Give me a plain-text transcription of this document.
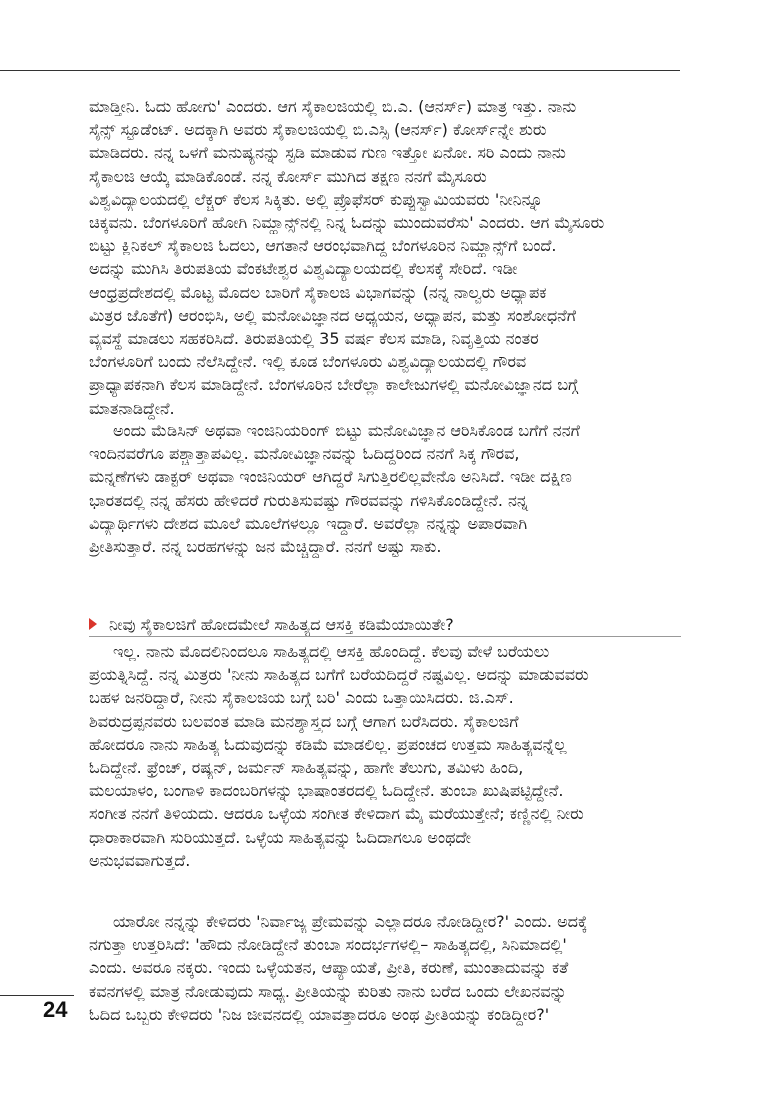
ಮಾಡ್ತೀನಿ. ಓದು ಹೋಗು' ಎಂದರು. ಆಗ ಸೈಕಾಲಜಿಯಲ್ಲಿ ಬಿ.ಎ. (ಆನರ್ಸ್) ಮಾತ್ರ ಇತ್ತು. ನಾನು
ಸೈನ್ಸ್ ಸ್ಟೂಡೆಂಟ್. ಅದಕ್ಕಾಗಿ ಅವರು ಸೈಕಾಲಜಿಯಲ್ಲಿ ಬಿ.ಎಸ್ಸಿ (ಆನರ್ಸ್) ಕೋರ್ಸ್‌ನ್ನೇ ಶುರು
ಮಾಡಿದರು. ನನ್ನ ಒಳಗೆ ಮನುಷ್ಯನನ್ನು ಸ್ಟಡಿ ಮಾಡುವ ಗುಣ ಇತ್ತೋ ಏನೋ. ಸರಿ ಎಂದು ನಾನು
ಸೈಕಾಲಜಿ ಆಯ್ಕೆ ಮಾಡಿಕೊಂಡೆ. ನನ್ನ ಕೋರ್ಸ್ ಮುಗಿದ ತಕ್ಷಣ ನನಗೆ ಮೈಸೂರು
ವಿಶ್ವವಿದ್ಯಾಲಯದಲ್ಲಿ ಲೆಕ್ಚರ್ ಕೆಲಸ ಸಿಕ್ಕಿತು. ಅಲ್ಲಿ ಪ್ರೊಫೆಸರ್ ಕುಪ್ಪುಸ್ವಾಮಿಯವರು 'ನೀನಿನ್ನೂ
ಚಿಕ್ಕವನು. ಬೆಂಗಳೂರಿಗೆ ಹೋಗಿ ನಿಮ್ಹಾನ್ಸ್‌ನಲ್ಲಿ ನಿನ್ನ ಓದನ್ನು ಮುಂದುವರೆಸು' ಎಂದರು. ಆಗ ಮೈಸೂರು
ಬಿಟ್ಟು ಕ್ಲಿನಿಕಲ್ ಸೈಕಾಲಜಿ ಓದಲು, ಆಗತಾನೆ ಆರಂಭವಾಗಿದ್ದ ಬೆಂಗಳೂರಿನ ನಿಮ್ಹಾನ್ಸ್‌ಗೆ ಬಂದೆ.
ಅದನ್ನು ಮುಗಿಸಿ ತಿರುಪತಿಯ ವೆಂಕಟೇಶ್ವರ ವಿಶ್ವವಿದ್ಯಾಲಯದಲ್ಲಿ ಕೆಲಸಕ್ಕೆ ಸೇರಿದೆ. ಇಡೀ
ಆಂಧ್ರಪ್ರದೇಶದಲ್ಲಿ ಮೊಟ್ಟ ಮೊದಲ ಬಾರಿಗೆ ಸೈಕಾಲಜಿ ವಿಭಾಗವನ್ನು (ನನ್ನ ನಾಲ್ವರು ಅಧ್ಯಾಪಕ
ಮಿತ್ರರ ಜೊತೆಗೆ) ಆರಂಭಿಸಿ, ಅಲ್ಲಿ ಮನೋವಿಜ್ಞಾನದ ಅಧ್ಯಯನ, ಅಧ್ಯಾಪನ, ಮತ್ತು ಸಂಶೋಧನೆಗೆ
ವ್ಯವಸ್ಥೆ ಮಾಡಲು ಸಹಕರಿಸಿದೆ. ತಿರುಪತಿಯಲ್ಲಿ 35 ವರ್ಷ ಕೆಲಸ ಮಾಡಿ, ನಿವೃತ್ತಿಯ ನಂತರ
ಬೆಂಗಳೂರಿಗೆ ಬಂದು ನೆಲೆಸಿದ್ದೇನೆ. ಇಲ್ಲಿ ಕೂಡ ಬೆಂಗಳೂರು ವಿಶ್ವವಿದ್ಯಾಲಯದಲ್ಲಿ ಗೌರವ
ಪ್ರಾಧ್ಯಾಪಕನಾಗಿ ಕೆಲಸ ಮಾಡಿದ್ದೇನೆ. ಬೆಂಗಳೂರಿನ ಬೇರೆಲ್ಲಾ ಕಾಲೇಜುಗಳಲ್ಲಿ ಮನೋವಿಜ್ಞಾನದ ಬಗ್ಗೆ
ಮಾತನಾಡಿದ್ದೇನೆ.
ಅಂದು ಮೆಡಿಸಿನ್ ಅಥವಾ ಇಂಜಿನಿಯರಿಂಗ್ ಬಿಟ್ಟು ಮನೋವಿಜ್ಞಾನ ಆರಿಸಿಕೊಂಡ ಬಗೆಗೆ ನನಗೆ
ಇಂದಿನವರೆಗೂ ಪಶ್ಚಾತ್ತಾಪವಿಲ್ಲ. ಮನೋವಿಜ್ಞಾನವನ್ನು ಓದಿದ್ದರಿಂದ ನನಗೆ ಸಿಕ್ಕ ಗೌರವ,
ಮನ್ನಣೆಗಳು ಡಾಕ್ಟರ್ ಅಥವಾ ಇಂಜಿನಿಯರ್ ಆಗಿದ್ದರೆ ಸಿಗುತ್ತಿರಲಿಲ್ಲವೇನೊ ಅನಿಸಿದೆ. ಇಡೀ ದಕ್ಷಿಣ
ಭಾರತದಲ್ಲಿ ನನ್ನ ಹೆಸರು ಹೇಳಿದರೆ ಗುರುತಿಸುವಷ್ಟು ಗೌರವವನ್ನು ಗಳಿಸಿಕೊಂಡಿದ್ದೇನೆ. ನನ್ನ
ವಿದ್ಯಾರ್ಥಿಗಳು ದೇಶದ ಮೂಲೆ ಮೂಲೆಗಳಲ್ಲೂ ಇದ್ದಾರೆ. ಅವರೆಲ್ಲಾ ನನ್ನನ್ನು ಅಪಾರವಾಗಿ
ಪ್ರೀತಿಸುತ್ತಾರೆ. ನನ್ನ ಬರಹಗಳನ್ನು ಜನ ಮೆಚ್ಚಿದ್ದಾರೆ. ನನಗೆ ಅಷ್ಟು ಸಾಕು.
ನೀವು ಸೈಕಾಲಜಿಗೆ ಹೋದಮೇಲೆ ಸಾಹಿತ್ಯದ ಆಸಕ್ತಿ ಕಡಿಮೆಯಾಯಿತೇ?
ಇಲ್ಲ. ನಾನು ಮೊದಲಿನಿಂದಲೂ ಸಾಹಿತ್ಯದಲ್ಲಿ ಆಸಕ್ತಿ ಹೊಂದಿದ್ದೆ. ಕೆಲವು ವೇಳೆ ಬರೆಯಲು
ಪ್ರಯತ್ನಿಸಿದ್ದೆ. ನನ್ನ ಮಿತ್ರರು 'ನೀನು ಸಾಹಿತ್ಯದ ಬಗೆಗೆ ಬರೆಯದಿದ್ದರೆ ನಷ್ಟವಿಲ್ಲ. ಅದನ್ನು ಮಾಡುವವರು
ಬಹಳ ಜನರಿದ್ದಾರೆ, ನೀನು ಸೈಕಾಲಜಿಯ ಬಗ್ಗೆ ಬರಿ' ಎಂದು ಒತ್ತಾಯಿಸಿದರು. ಜಿ.ಎಸ್.
ಶಿವರುದ್ರಪ್ಪನವರು ಬಲವಂತ ಮಾಡಿ ಮನಶ್ಶಾಸ್ತ್ರದ ಬಗ್ಗೆ ಆಗಾಗ ಬರೆಸಿದರು. ಸೈಕಾಲಜಿಗೆ
ಹೋದರೂ ನಾನು ಸಾಹಿತ್ಯ ಓದುವುದನ್ನು ಕಡಿಮೆ ಮಾಡಲಿಲ್ಲ. ಪ್ರಪಂಚದ ಉತ್ತಮ ಸಾಹಿತ್ಯವನ್ನೆಲ್ಲ
ಓದಿದ್ದೇನೆ. ಫ್ರೆಂಚ್, ರಷ್ಯನ್, ಜರ್ಮನ್ ಸಾಹಿತ್ಯವನ್ನು, ಹಾಗೇ ತೆಲುಗು, ತಮಿಳು ಹಿಂದಿ,
ಮಲಯಾಳಂ, ಬಂಗಾಳಿ ಕಾದಂಬರಿಗಳನ್ನು ಭಾಷಾಂತರದಲ್ಲಿ ಓದಿದ್ದೇನೆ. ತುಂಬಾ ಖುಷಿಪಟ್ಟಿದ್ದೇನೆ.
ಸಂಗೀತ ನನಗೆ ತಿಳಿಯದು. ಆದರೂ ಒಳ್ಳೆಯ ಸಂಗೀತ ಕೇಳಿದಾಗ ಮೈ ಮರೆಯುತ್ತೇನೆ; ಕಣ್ಣಿನಲ್ಲಿ ನೀರು
ಧಾರಾಕಾರವಾಗಿ ಸುರಿಯುತ್ತದೆ. ಒಳ್ಳೆಯ ಸಾಹಿತ್ಯವನ್ನು ಓದಿದಾಗಲೂ ಅಂಥದೇ
ಅನುಭವವಾಗುತ್ತದೆ.
ಯಾರೋ ನನ್ನನ್ನು ಕೇಳಿದರು 'ನಿರ್ವಾಜ್ಯ ಪ್ರೇಮವನ್ನು ಎಲ್ಲಾದರೂ ನೋಡಿದ್ದೀರ?' ಎಂದು. ಅದಕ್ಕೆ
ನಗುತ್ತಾ ಉತ್ತರಿಸಿದೆ: 'ಹೌದು ನೋಡಿದ್ದೇನೆ ತುಂಬಾ ಸಂದರ್ಭಗಳಲ್ಲಿ– ಸಾಹಿತ್ಯದಲ್ಲಿ, ಸಿನಿಮಾದಲ್ಲಿ'
ಎಂದು. ಅವರೂ ನಕ್ಕರು. ಇಂದು ಒಳ್ಳೆಯತನ, ಆಪ್ಯಾಯತೆ, ಪ್ರೀತಿ, ಕರುಣೆ, ಮುಂತಾದುವನ್ನು ಕತೆ
ಕವನಗಳಲ್ಲಿ ಮಾತ್ರ ನೋಡುವುದು ಸಾಧ್ಯ. ಪ್ರೀತಿಯನ್ನು ಕುರಿತು ನಾನು ಬರೆದ ಒಂದು ಲೇಖನವನ್ನು
ಓದಿದ ಒಬ್ಬರು ಕೇಳಿದರು 'ನಿಜ ಜೀವನದಲ್ಲಿ ಯಾವತ್ತಾದರೂ ಅಂಥ ಪ್ರೀತಿಯನ್ನು ಕಂಡಿದ್ದೀರ?'
24
